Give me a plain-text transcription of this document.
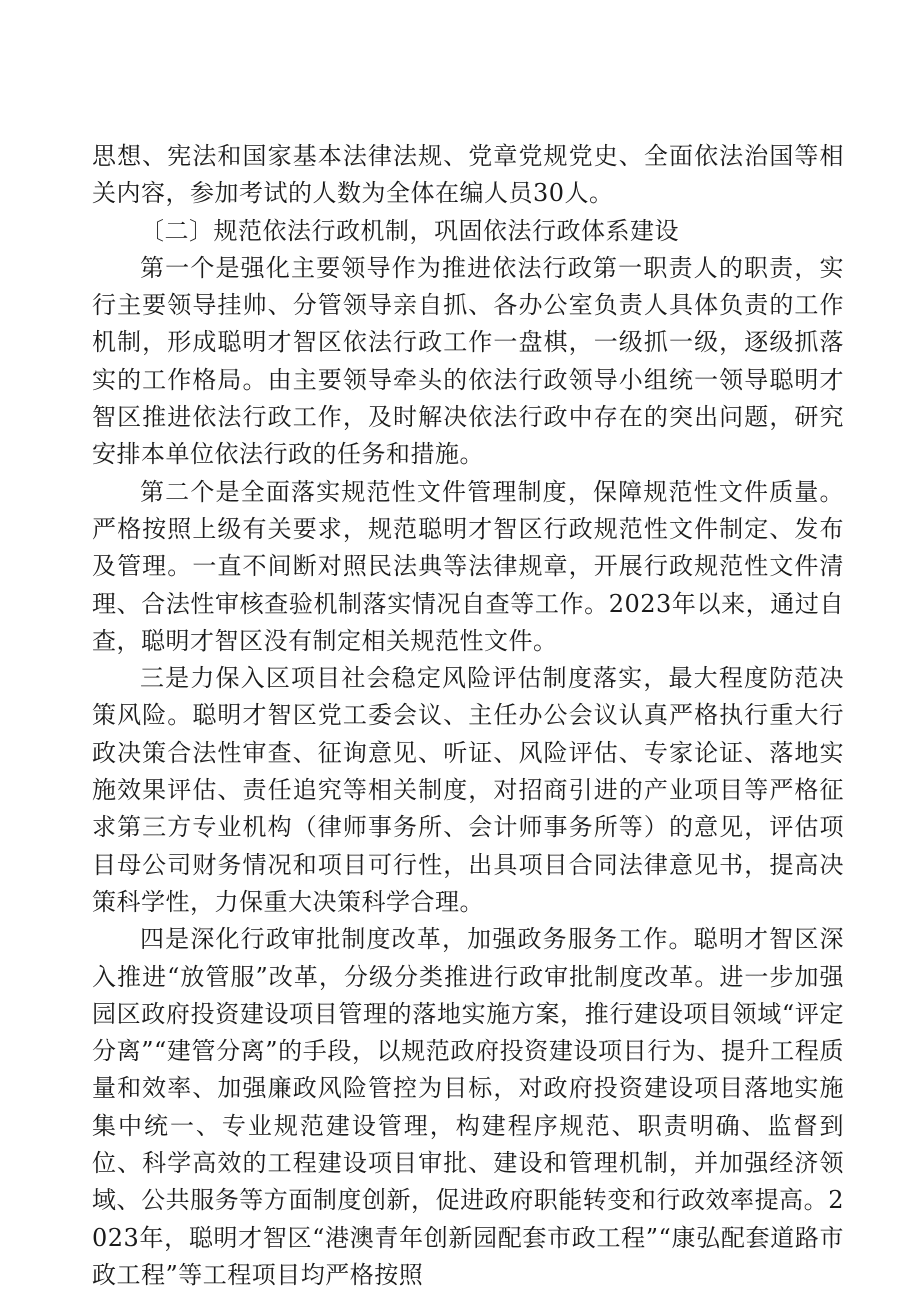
思想、宪法和国家基本法律法规、党章党规党史、全面依法治国等相关内容，参加考试的人数为全体在编人员30人。

〔二〕规范依法行政机制，巩固依法行政体系建设

第一个是强化主要领导作为推进依法行政第一职责人的职责，实行主要领导挂帅、分管领导亲自抓、各办公室负责人具体负责的工作机制，形成聪明才智区依法行政工作一盘棋，一级抓一级，逐级抓落实的工作格局。由主要领导牵头的依法行政领导小组统一领导聪明才智区推进依法行政工作，及时解决依法行政中存在的突出问题，研究安排本单位依法行政的任务和措施。

第二个是全面落实规范性文件管理制度，保障规范性文件质量。严格按照上级有关要求，规范聪明才智区行政规范性文件制定、发布及管理。一直不间断对照民法典等法律规章，开展行政规范性文件清理、合法性审核查验机制落实情况自查等工作。2023年以来，通过自查，聪明才智区没有制定相关规范性文件。

三是力保入区项目社会稳定风险评估制度落实，最大程度防范决策风险。聪明才智区党工委会议、主任办公会议认真严格执行重大行政决策合法性审查、征询意见、听证、风险评估、专家论证、落地实施效果评估、责任追究等相关制度，对招商引进的产业项目等严格征求第三方专业机构（律师事务所、会计师事务所等）的意见，评估项目母公司财务情况和项目可行性，出具项目合同法律意见书，提高决策科学性，力保重大决策科学合理。

四是深化行政审批制度改革，加强政务服务工作。聪明才智区深入推进“放管服”改革，分级分类推进行政审批制度改革。进一步加强园区政府投资建设项目管理的落地实施方案，推行建设项目领域“评定分离”“建管分离”的手段，以规范政府投资建设项目行为、提升工程质量和效率、加强廉政风险管控为目标，对政府投资建设项目落地实施集中统一、专业规范建设管理，构建程序规范、职责明确、监督到位、科学高效的工程建设项目审批、建设和管理机制，并加强经济领域、公共服务等方面制度创新，促进政府职能转变和行政效率提高。2023年，聪明才智区“港澳青年创新园配套市政工程”“康弘配套道路市政工程”等工程项目均严格按照
